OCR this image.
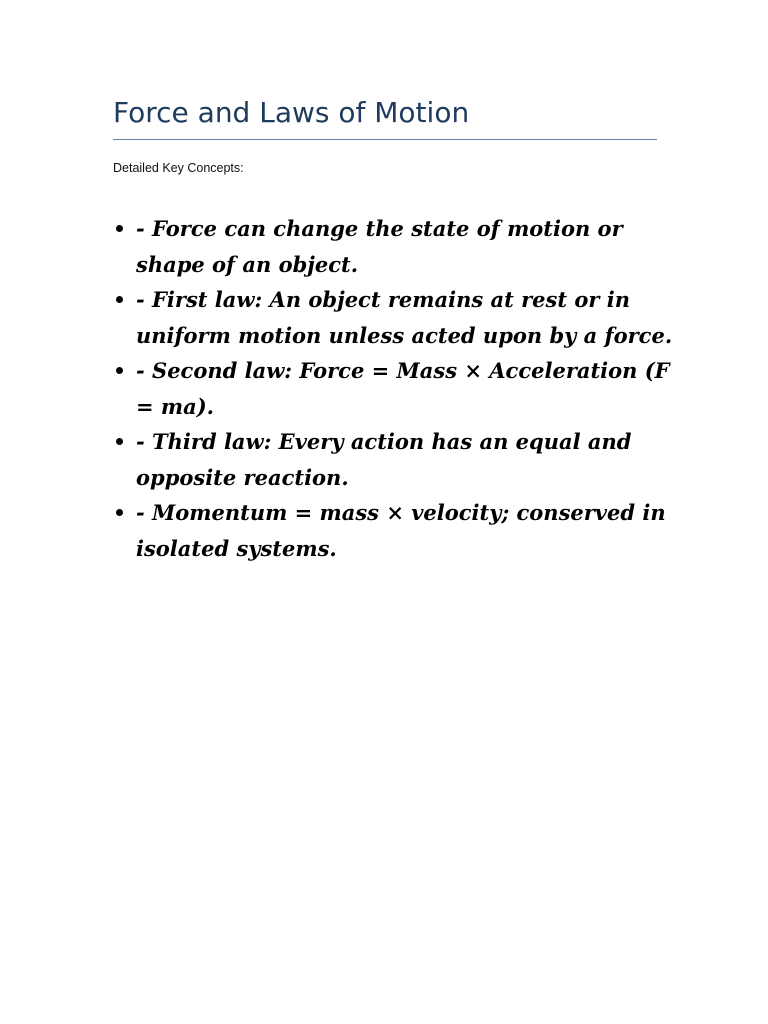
Force and Laws of Motion

Detailed Key Concepts:

- Force can change the state of motion or shape of an object.
- First law: An object remains at rest or in uniform motion unless acted upon by a force.
- Second law: Force = Mass × Acceleration (F = ma).
- Third law: Every action has an equal and opposite reaction.
- Momentum = mass × velocity; conserved in isolated systems.
